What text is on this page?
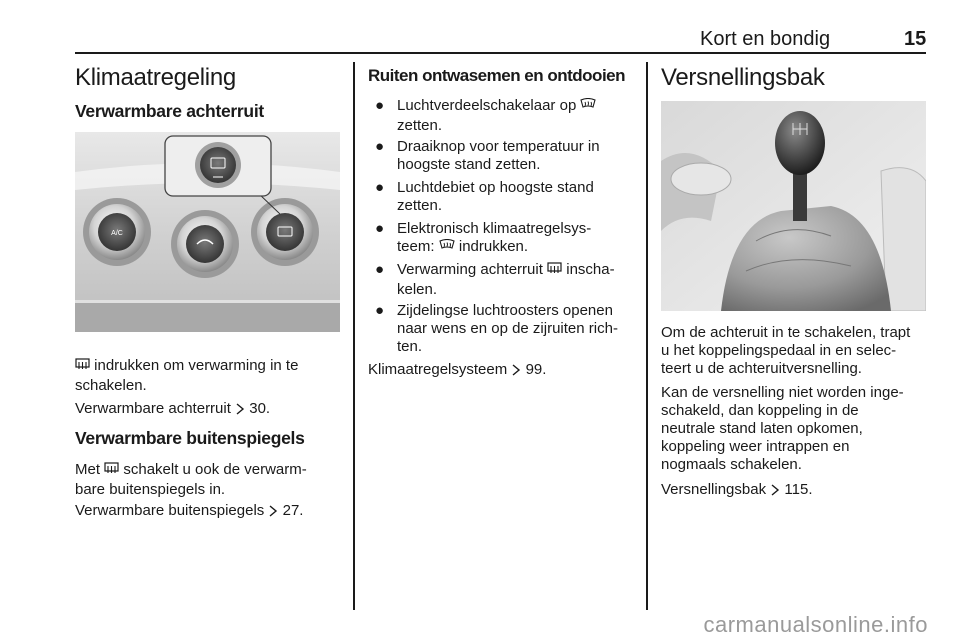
Kort en bondig	15
Klimaatregeling
Verwarmbare achterruit
A/C
indrukken om verwarming in te
schakelen.
Verwarmbare achterruit  30.
Verwarmbare buitenspiegels
Met  schakelt u ook de verwarm-
bare buitenspiegels in.
Verwarmbare buitenspiegels  27.
Ruiten ontwasemen en ontdooien
● Luchtverdeelschakelaar op
zetten.
● Draaiknop voor temperatuur in
hoogste stand zetten.
● Luchtdebiet op hoogste stand
zetten.
● Elektronisch klimaatregelsys-
teem:  indrukken.
● Verwarming achterruit  inscha-
kelen.
● Zijdelingse luchtroosters openen
naar wens en op de zijruiten rich-
ten.
Klimaatregelsysteem  99.
Versnellingsbak
Om de achteruit in te schakelen, trapt
u het koppelingspedaal in en selec-
teert u de achteruitversnelling.
Kan de versnelling niet worden inge-
schakeld, dan koppeling in de
neutrale stand laten opkomen,
koppeling weer intrappen en
nogmaals schakelen.
Versnellingsbak  115.
carmanualsonline.info
